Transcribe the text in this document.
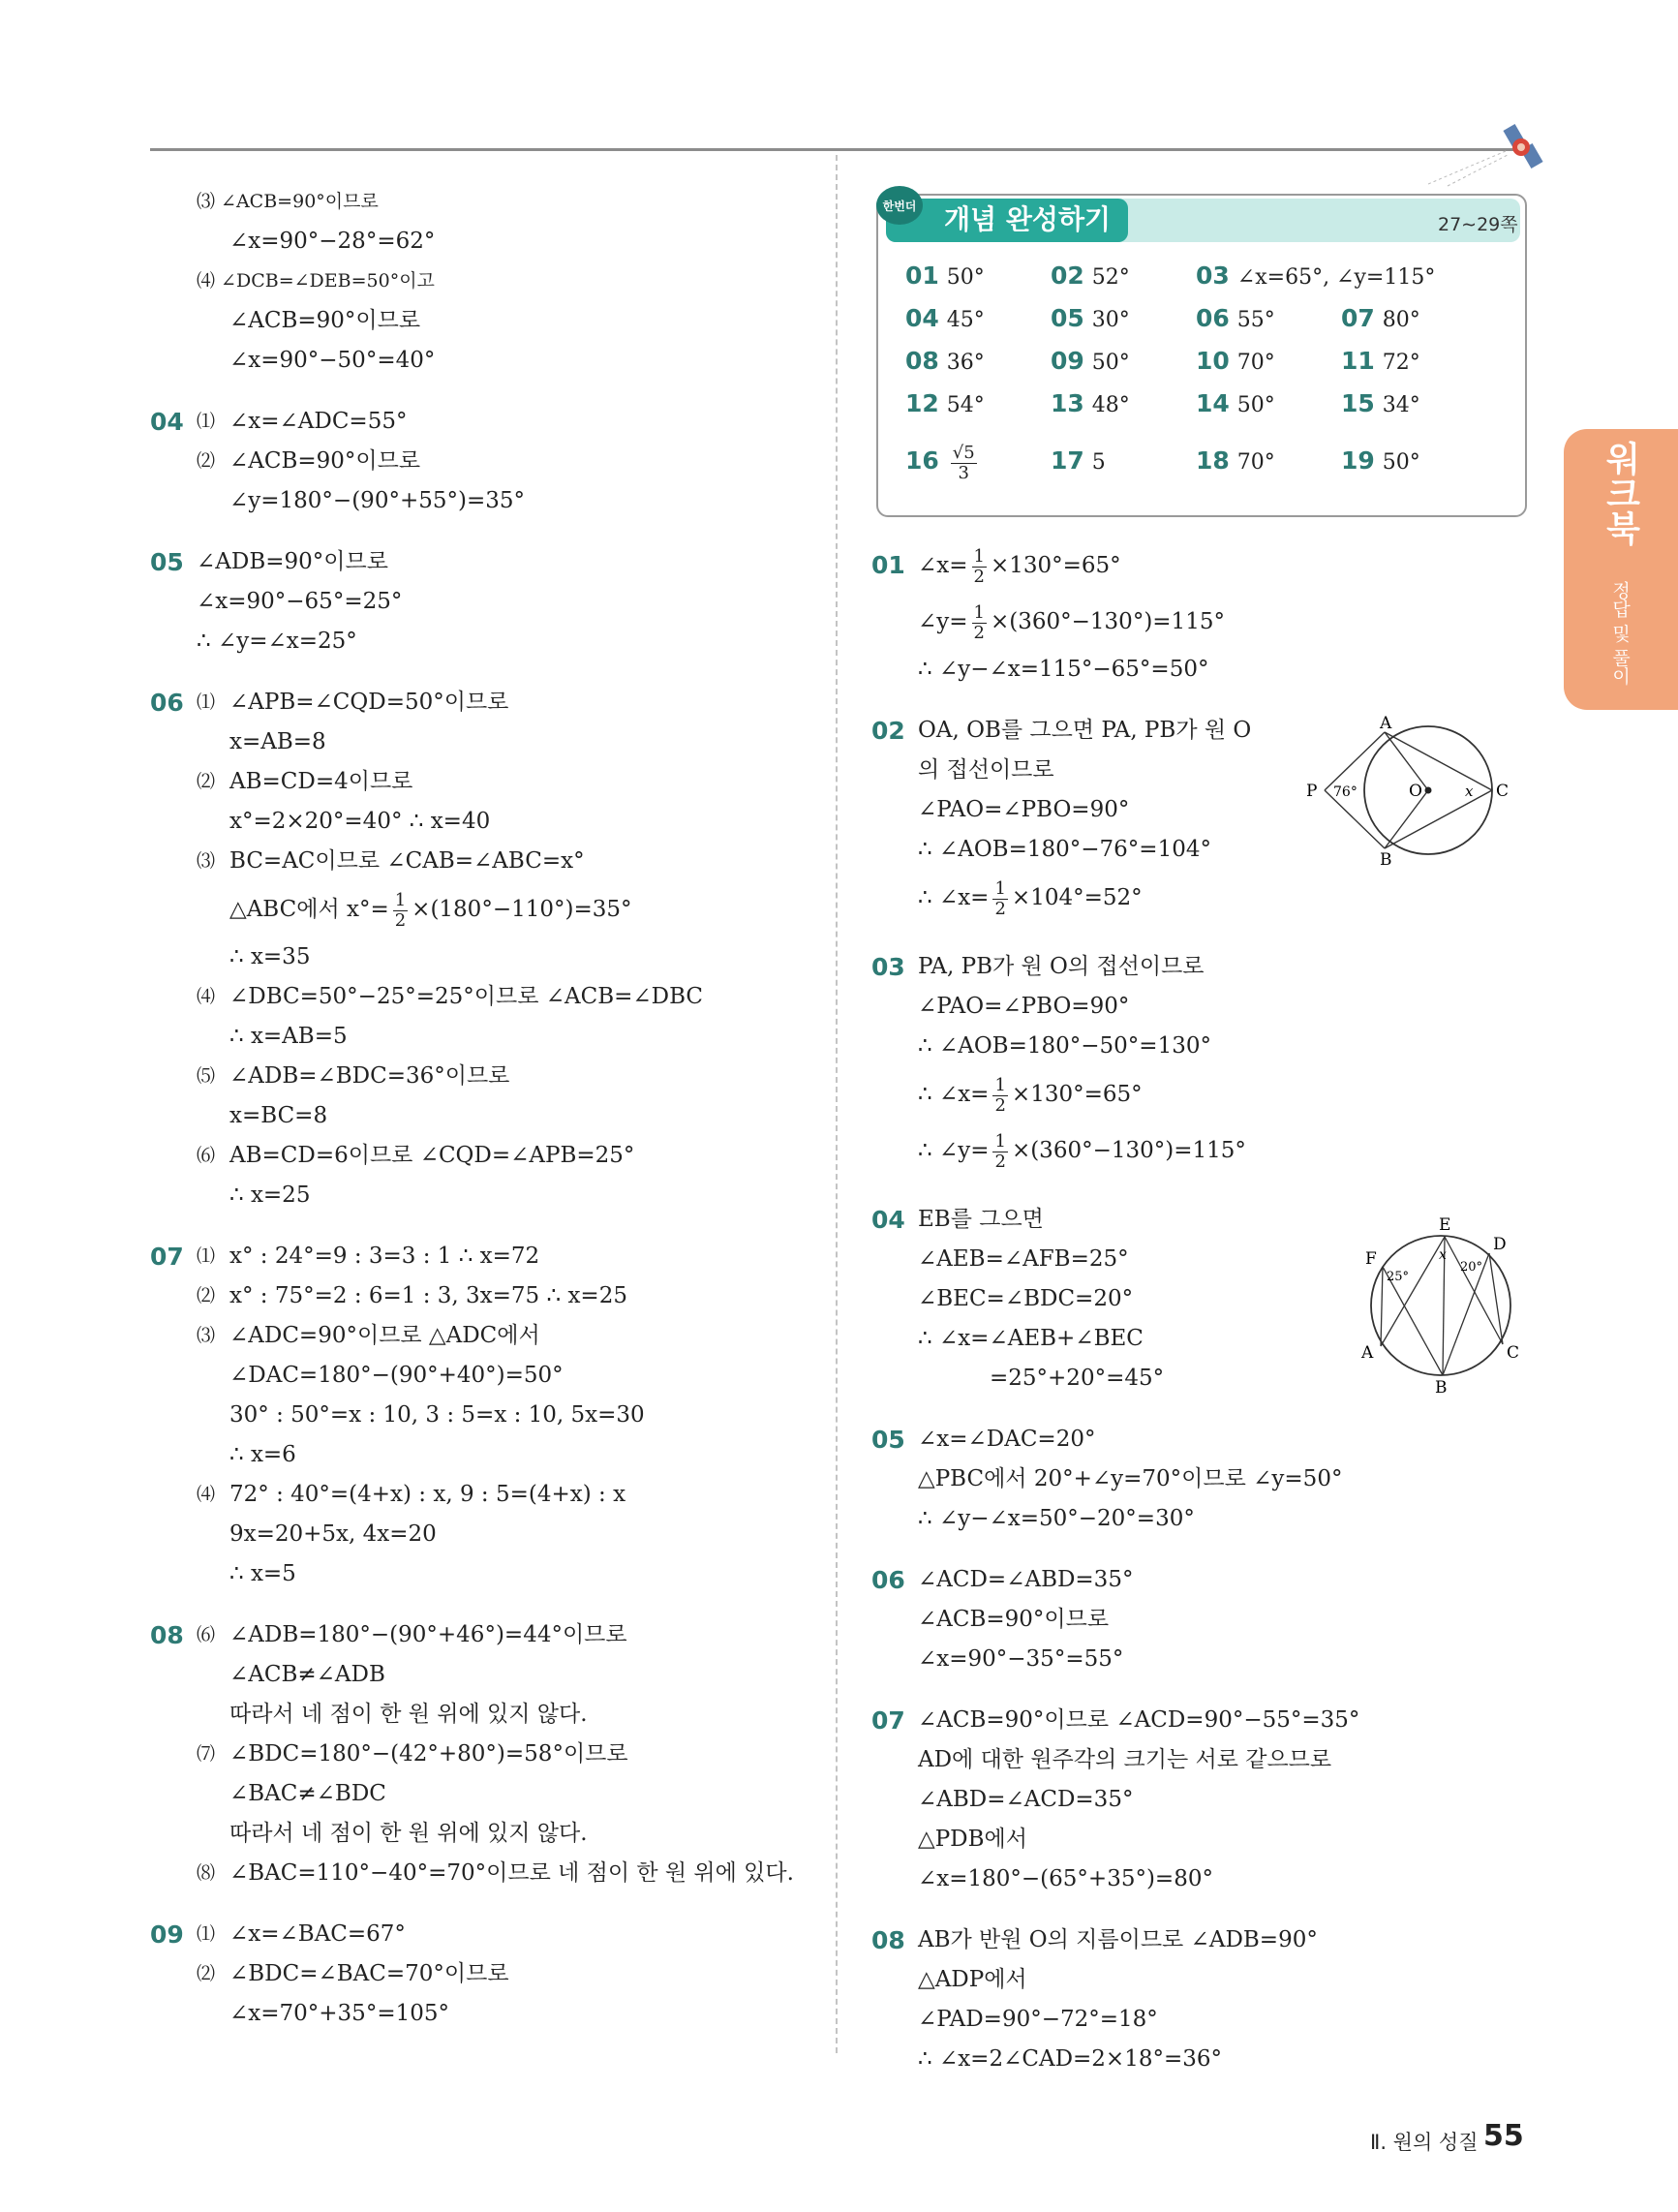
워크북
정답 및 풀이
⑶ ∠ACB=90°이므로
∠x=90°−28°=62°
⑷ ∠DCB=∠DEB=50°이고
∠ACB=90°이므로
∠x=90°−50°=40°
04 ⑴ ∠x=∠ADC=55°
⑵ ∠ACB=90°이므로
∠y=180°−(90°+55°)=35°
05 ∠ADB=90°이므로
∠x=90°−65°=25°
∴ ∠y=∠x=25°
06 ⑴ ∠APB=∠CQD=50°이므로
x=AB=8
⑵ AB=CD=4이므로
x°=2×20°=40° ∴ x=40
⑶ BC=AC이므로 ∠CAB=∠ABC=x°
△ABC에서 $x^\circ= \frac{1}{2} \times(180^\circ-110^\circ)=35^\circ$
∴ x=35
⑷ ∠DBC=50°−25°=25°이므로 ∠ACB=∠DBC
∴ x=AB=5
⑸ ∠ADB=∠BDC=36°이므로
x=BC=8
⑹ AB=CD=6이므로 ∠CQD=∠APB=25°
∴ x=25
07 ⑴ x° : 24°=9 : 3=3 : 1 ∴ x=72
⑵ x° : 75°=2 : 6=1 : 3, 3x=75 ∴ x=25
⑶ ∠ADC=90°이므로 △ADC에서
∠DAC=180°−(90°+40°)=50°
30° : 50°=x : 10, 3 : 5=x : 10, 5x=30
∴ x=6
⑷ 72° : 40°=(4+x) : x, 9 : 5=(4+x) : x
9x=20+5x, 4x=20
∴ x=5
08 ⑹ ∠ADB=180°−(90°+46°)=44°이므로
∠ACB≠∠ADB
따라서 네 점이 한 원 위에 있지 않다.
⑺ ∠BDC=180°−(42°+80°)=58°이므로
∠BAC≠∠BDC
따라서 네 점이 한 원 위에 있지 않다.
⑻ ∠BAC=110°−40°=70°이므로 네 점이 한 원 위에 있다.
09 ⑴ ∠x=∠BAC=67°
⑵ ∠BDC=∠BAC=70°이므로
∠x=70°+35°=105°
한번더 개념 완성하기	27∼29쪽
01 50°	02 52°	03 ∠x=65°, ∠y=115°
04 45°	05 30°	06 55°	07 80°
08 36°	09 50°	10 70°	11 72°
12 54°	13 48°	14 50°	15 34°
$16 \frac{√5}{3}$	17 5	18 70°	19 50°
01 ∠x= $\frac{1}{2} \times 130^\circ=65^\circ$
∠y= $\frac{1}{2} \times(360^\circ-130^\circ)=115^\circ$
∴ ∠y−∠x=115°−65°=50°
02 OA, OB를 그으면 PA, PB가 원 O
의 접선이므로
∠PAO=∠PBO=90°
∴ ∠AOB=180°−76°=104°
∴ ∠x= $\frac{1}{2} \times 104^\circ=52^\circ$
03 PA, PB가 원 O의 접선이므로
∠PAO=∠PBO=90°
∴ ∠AOB=180°−50°=130°
∴ ∠x= $\frac{1}{2} \times 130^\circ=65^\circ$
∴ ∠y= $\frac{1}{2} \times(360^\circ-130^\circ)=115^\circ$
04 EB를 그으면
∠AEB=∠AFB=25°
∠BEC=∠BDC=20°
∴ ∠x=∠AEB+∠BEC
=25°+20°=45°
05 ∠x=∠DAC=20°
△PBC에서 20°+∠y=70°이므로 ∠y=50°
∴ ∠y−∠x=50°−20°=30°
06 ∠ACD=∠ABD=35°
∠ACB=90°이므로
∠x=90°−35°=55°
07 ∠ACB=90°이므로 ∠ACD=90°−55°=35°
AD에 대한 원주각의 크기는 서로 같으므로
∠ABD=∠ACD=35°
△PDB에서
∠x=180°−(65°+35°)=80°
08 AB가 반원 O의 지름이므로 ∠ADB=90°
△ADP에서
∠PAD=90°−72°=18°
∴ ∠x=2∠CAD=2×18°=36°
A
B
P	O	C
76°	x
E
D
F
A
B
C
25°
20°
x
Ⅱ. 원의 성질 55
